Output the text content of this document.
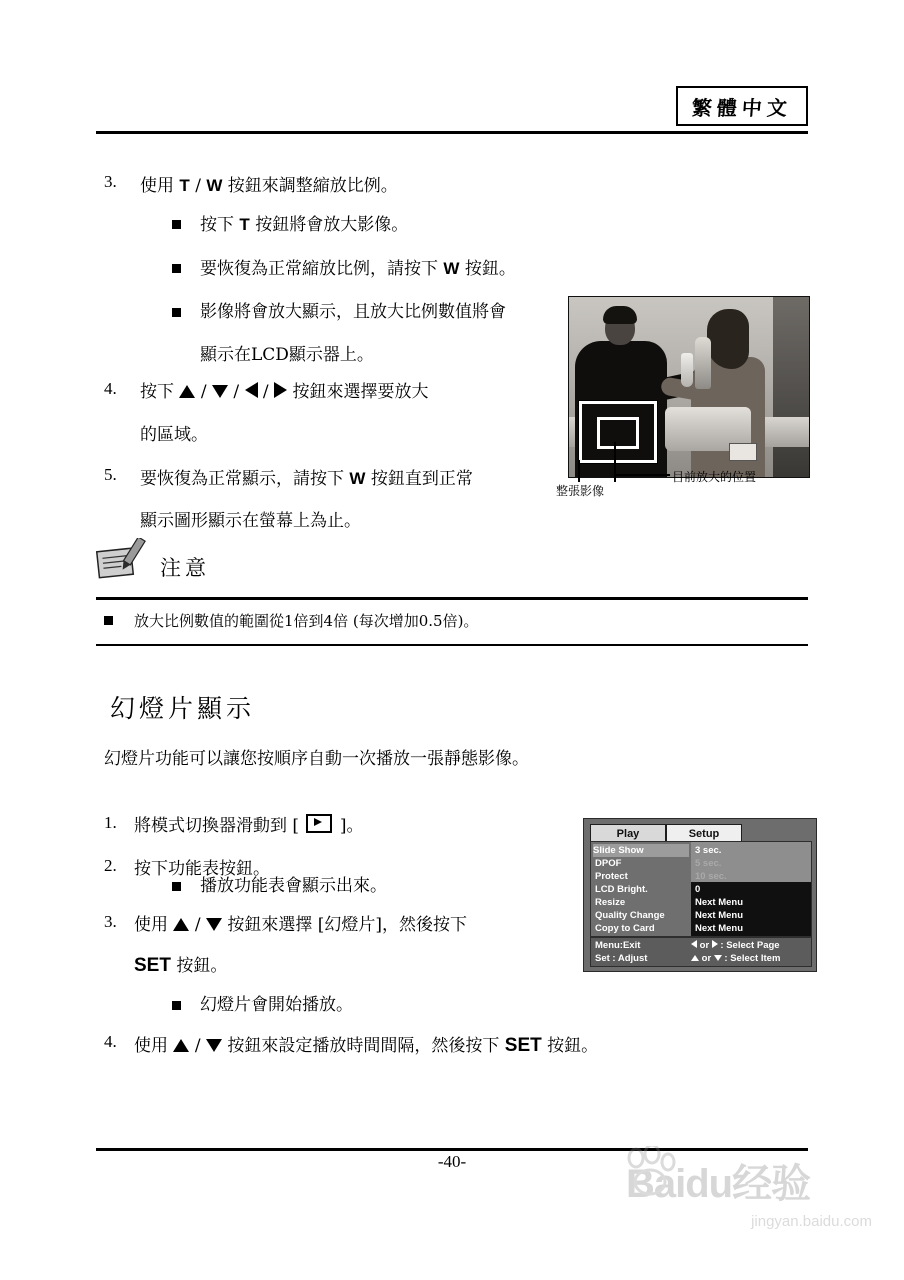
繁體中文
3. 使用 T / W 按鈕來調整縮放比例。
按下 T 按鈕將會放大影像。
要恢復為正常縮放比例，請按下 W 按鈕。
影像將會放大顯示，且放大比例數值將會
顯示在LCD顯示器上。
4. 按下 / / / 按鈕來選擇要放大
的區域。
5. 要恢復為正常顯示，請按下 W 按鈕直到正常
顯示圖形顯示在螢幕上為止。
整張影像
目前放大的位置
注意
放大比例數值的範圍從1倍到4倍 (每次增加0.5倍)。
幻燈片顯示
幻燈片功能可以讓您按順序自動一次播放一張靜態影像。
1. 將模式切換器滑動到 [ ]。
2. 按下功能表按鈕。
播放功能表會顯示出來。
3. 使用 / 按鈕來選擇 [幻燈片]，然後按下
SET 按鈕。
幻燈片會開始播放。
4. 使用 / 按鈕來設定播放時間間隔，然後按下 SET 按鈕。
Play	Setup
Slide Show
DPOF
Protect
LCD Bright.
Resize
Quality Change
Copy to Card
3 sec.
5 sec.
10 sec.
0
Next Menu
Next Menu
Next Menu
Menu:Exit
Set : Adjust
or : Select Page
or : Select Item
-40-
Baidu经验
jingyan.baidu.com
